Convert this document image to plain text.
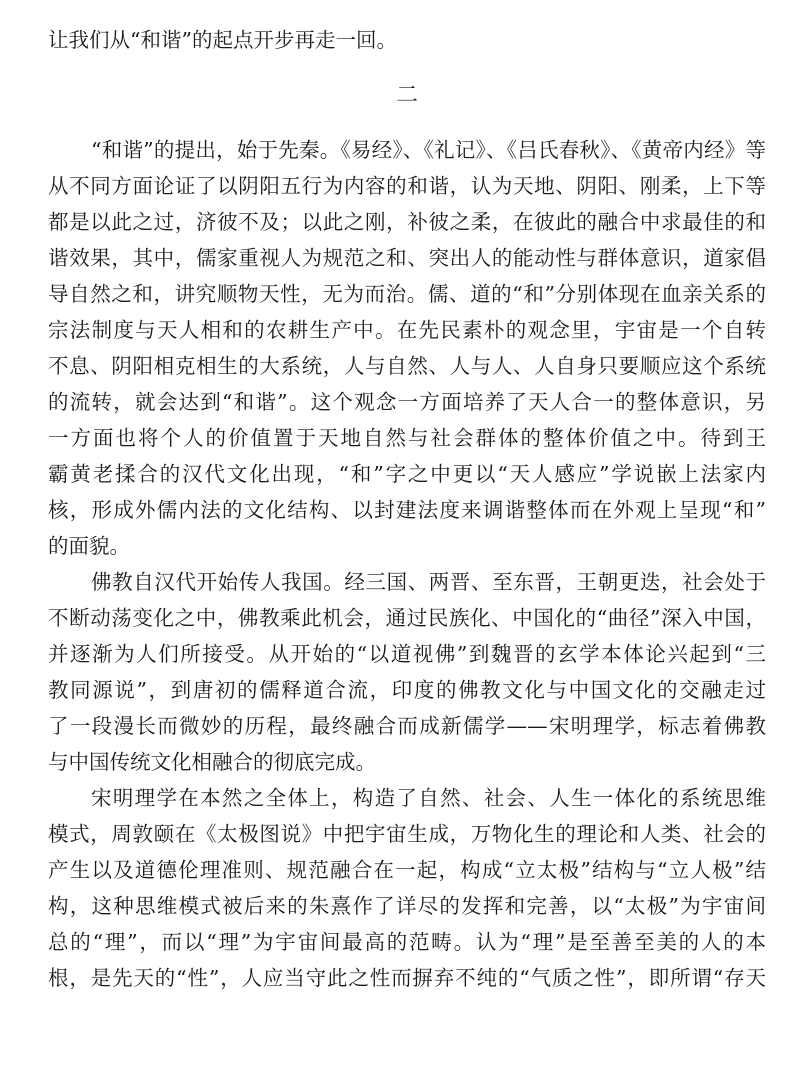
让我们从“和谐”的起点开步再走一回。
二
“和谐”的提出，始于先秦。《易经》、《礼记》、《吕氏春秋》、《黄帝内经》等
从不同方面论证了以阴阳五行为内容的和谐，认为天地、阴阳、刚柔，上下等
都是以此之过，济彼不及；以此之刚，补彼之柔，在彼此的融合中求最佳的和
谐效果，其中，儒家重视人为规范之和、突出人的能动性与群体意识，道家倡
导自然之和，讲究顺物天性，无为而治。儒、道的“和”分别体现在血亲关系的
宗法制度与天人相和的农耕生产中。在先民素朴的观念里，宇宙是一个自转
不息、阴阳相克相生的大系统，人与自然、人与人、人自身只要顺应这个系统
的流转，就会达到“和谐”。这个观念一方面培养了天人合一的整体意识，另
一方面也将个人的价值置于天地自然与社会群体的整体价值之中。待到王
霸黄老揉合的汉代文化出现，“和”字之中更以“天人感应”学说嵌上法家内
核，形成外儒内法的文化结构、以封建法度来调谐整体而在外观上呈现“和”
的面貌。
佛教自汉代开始传人我国。经三国、两晋、至东晋，王朝更迭，社会处于
不断动荡变化之中，佛教乘此机会，通过民族化、中国化的“曲径”深入中国，
并逐渐为人们所接受。从开始的“以道视佛”到魏晋的玄学本体论兴起到“三
教同源说”，到唐初的儒释道合流，印度的佛教文化与中国文化的交融走过
了一段漫长而微妙的历程，最终融合而成新儒学——宋明理学，标志着佛教
与中国传统文化相融合的彻底完成。
宋明理学在本然之全体上，构造了自然、社会、人生一体化的系统思维
模式，周敦颐在《太极图说》中把宇宙生成，万物化生的理论和人类、社会的
产生以及道德伦理准则、规范融合在一起，构成“立太极”结构与“立人极”结
构，这种思维模式被后来的朱熹作了详尽的发挥和完善，以“太极”为宇宙间
总的“理”，而以“理”为宇宙间最高的范畴。认为“理”是至善至美的人的本
根，是先天的“性”，人应当守此之性而摒弃不纯的“气质之性”，即所谓“存天
